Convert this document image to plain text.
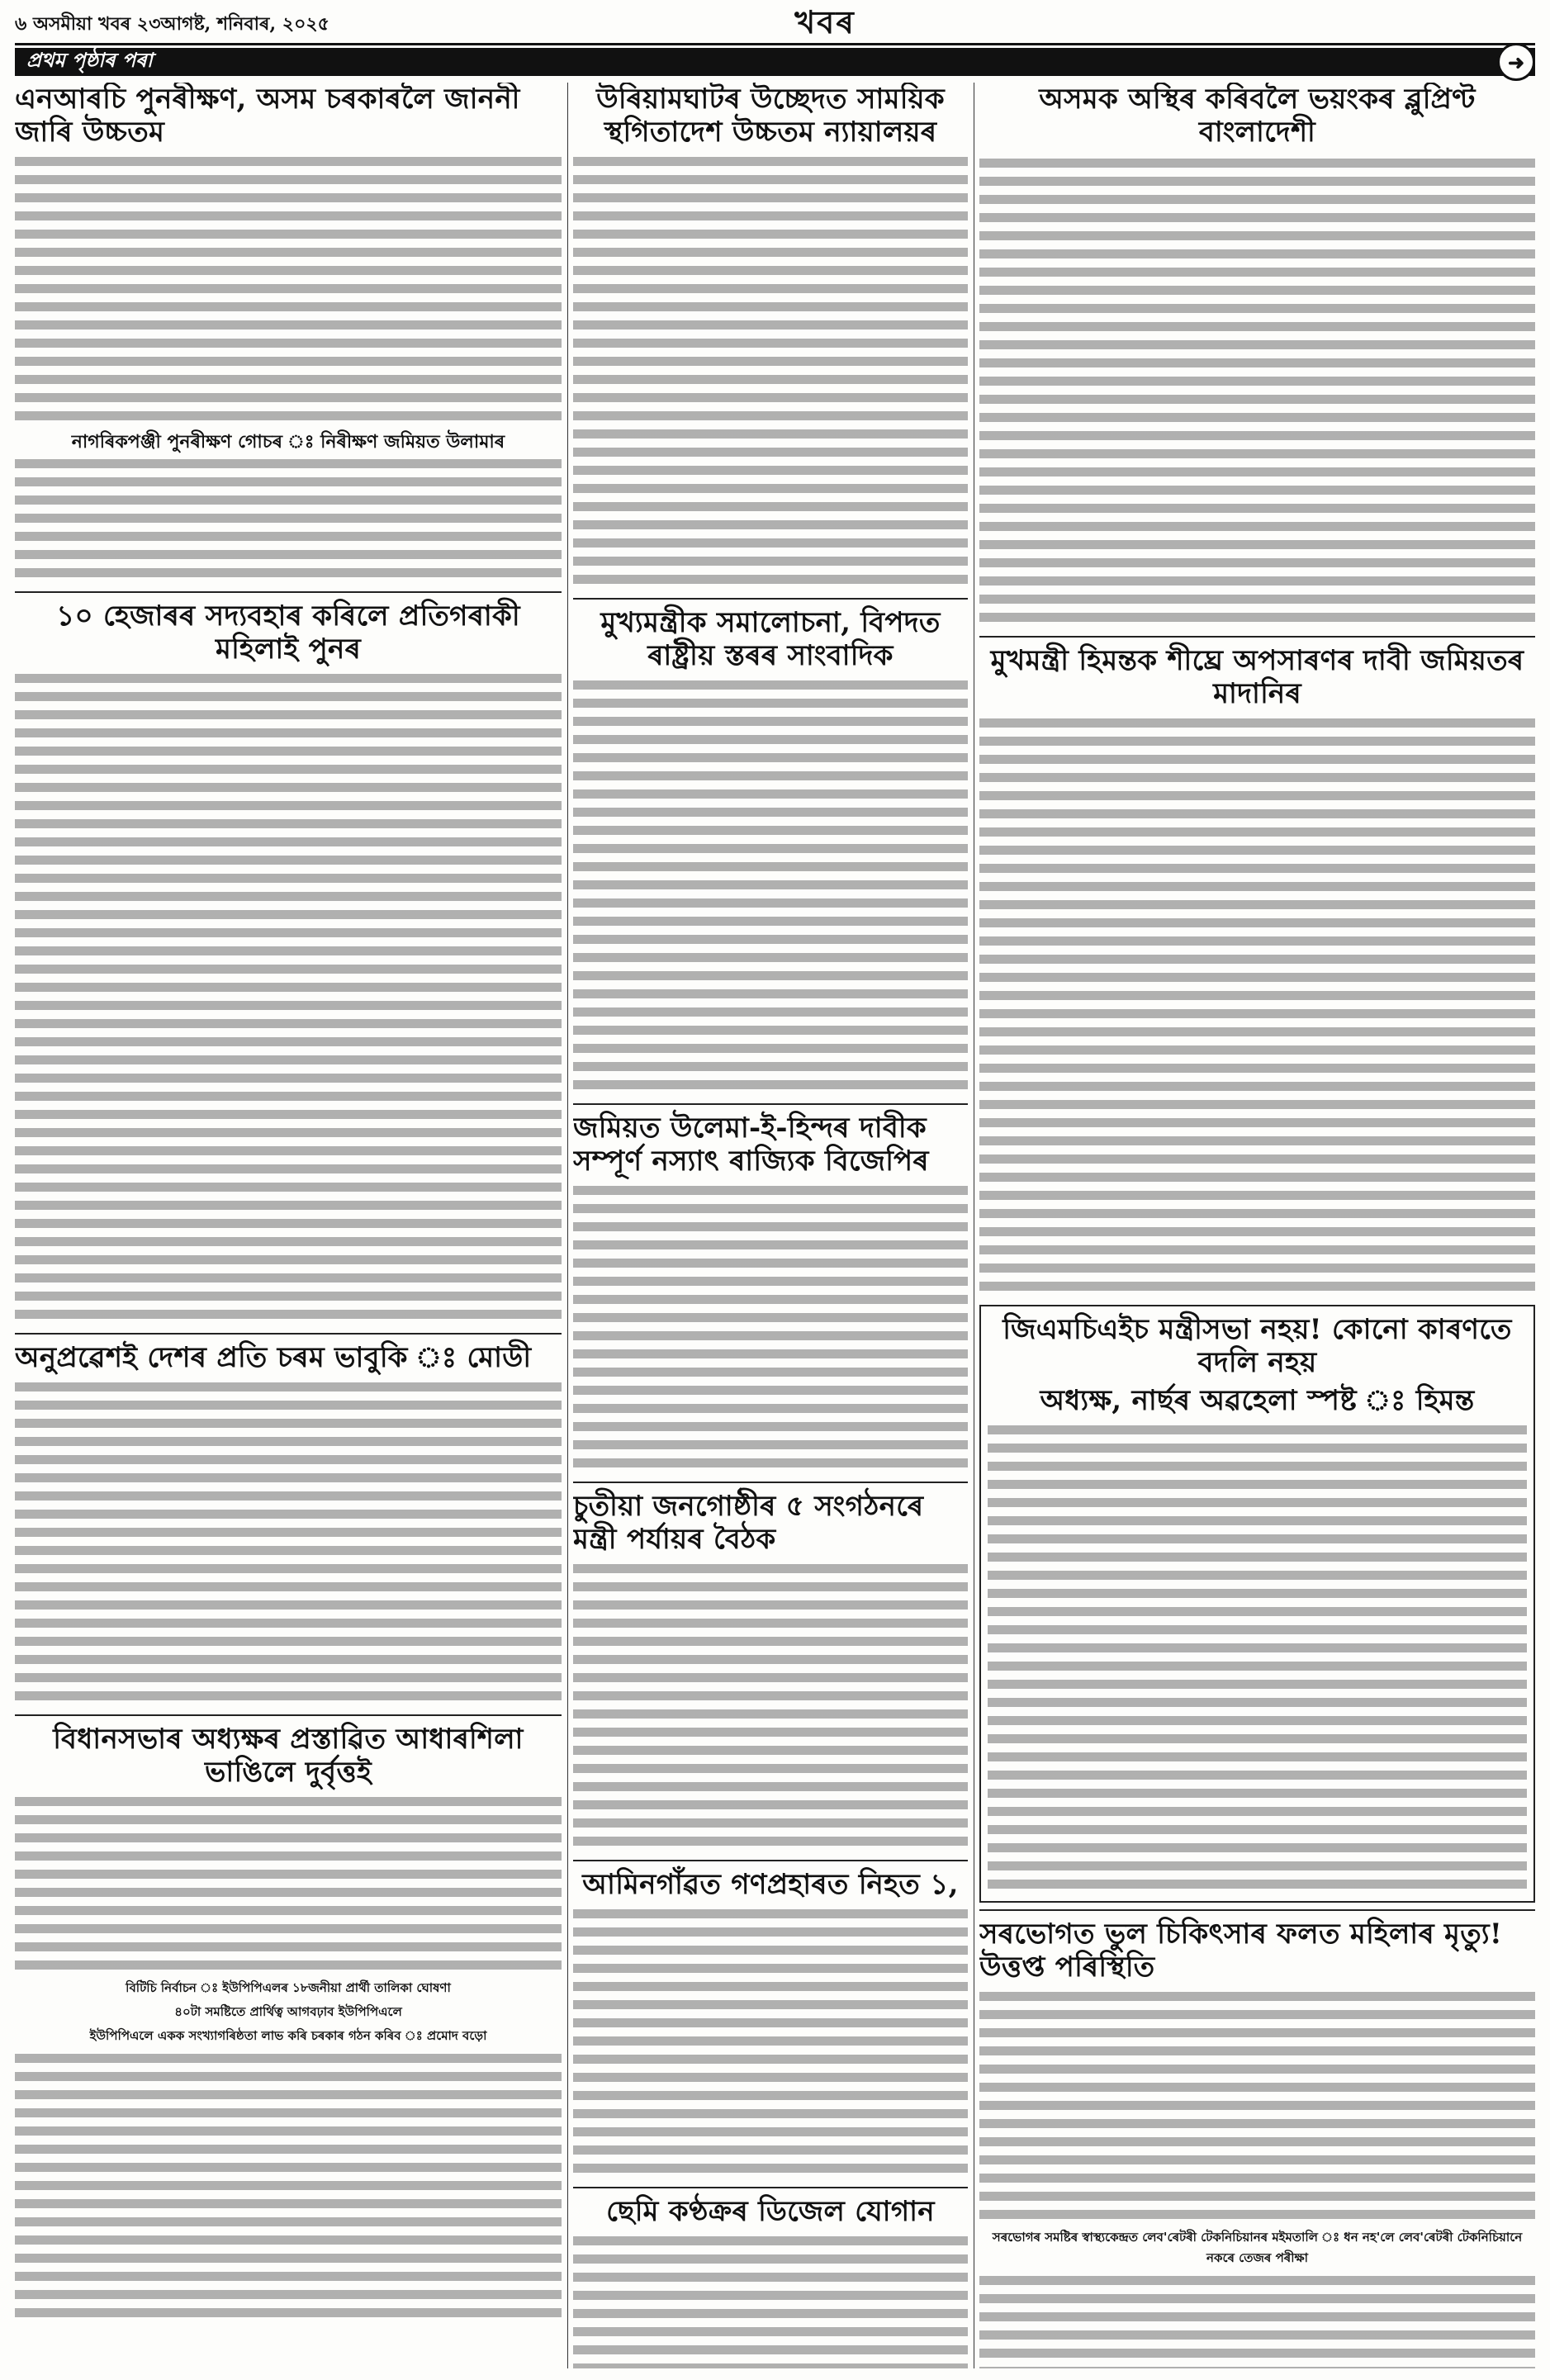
৬ অসমীয়া খবৰ ২৩আগষ্ট, শনিবাৰ, ২০২৫	খবৰ
প্ৰথম পৃষ্ঠাৰ পৰা	➜
এনআৰচি পুনৰীক্ষণ, অসম চৰকাৰলৈ জাননী জাৰি উচ্চতম
নাগৰিকপঞ্জী পুনৰীক্ষণ গোচৰ ঃ নিৰীক্ষণ জমিয়ত উলামাৰ
১০ হেজাৰৰ সদ্যবহাৰ কৰিলে প্ৰতিগৰাকী মহিলাই পুনৰ
অনুপ্ৰৱেশই দেশৰ প্ৰতি চৰম ভাবুকি ঃ মোডী
বিধানসভাৰ অধ্যক্ষৰ প্ৰস্তাৱিত আধাৰশিলা ভাঙিলে দুৰ্বৃত্তই
বিটিচি নিৰ্বাচন ঃ ইউপিপিএলৰ ১৮জনীয়া প্ৰাৰ্থী তালিকা ঘোষণা
৪০টা সমষ্টিতে প্ৰাৰ্থিত্ব আগবঢ়াব ইউপিপিএলে
ইউপিপিএলে একক সংখ্যাগৰিষ্ঠতা লাভ কৰি চৰকাৰ গঠন কৰিব ঃ প্ৰমোদ বড়ো
উৰিয়ামঘাটৰ উচ্ছেদত সাময়িক স্থগিতাদেশ উচ্চতম ন্যায়ালয়ৰ
মুখ্যমন্ত্ৰীক সমালোচনা, বিপদত ৰাষ্ট্ৰীয় স্তৰৰ সাংবাদিক
জমিয়ত উলেমা-ই-হিন্দৰ দাবীক সম্পূৰ্ণ নস্যাৎ ৰাজ্যিক বিজেপিৰ
চুতীয়া জনগোষ্ঠীৰ ৫ সংগঠনৰে মন্ত্ৰী পৰ্যায়ৰ বৈঠক
আমিনগাঁৱত গণপ্ৰহাৰত নিহত ১,
ছেমি কণ্ঠক্ৰৰ ডিজেল যোগান
অসমক অস্থিৰ কৰিবলৈ ভয়ংকৰ ব্লুপ্ৰিণ্ট বাংলাদেশী
মুখমন্ত্ৰী হিমন্তক শীঘ্ৰে অপসাৰণৰ দাবী জমিয়তৰ মাদানিৰ
জিএমচিএইচ মন্ত্ৰীসভা নহয়! কোনো কাৰণতে বদলি নহয়
অধ্যক্ষ, নাৰ্ছৰ অৱহেলা স্পষ্ট ঃ হিমন্ত
সৰভোগত ভুল চিকিৎসাৰ ফলত মহিলাৰ মৃত্যু! উত্তপ্ত পৰিস্থিতি
সৰভোগৰ সমষ্টিৰ স্বাস্থ্যকেন্দ্ৰত লেব'ৰেটৰী টেকনিচিয়ানৰ মইমতালি ঃ ধন নহ'লে লেব'ৰেটৰী টেকনিচিয়ানে নকৰে তেজৰ পৰীক্ষা
